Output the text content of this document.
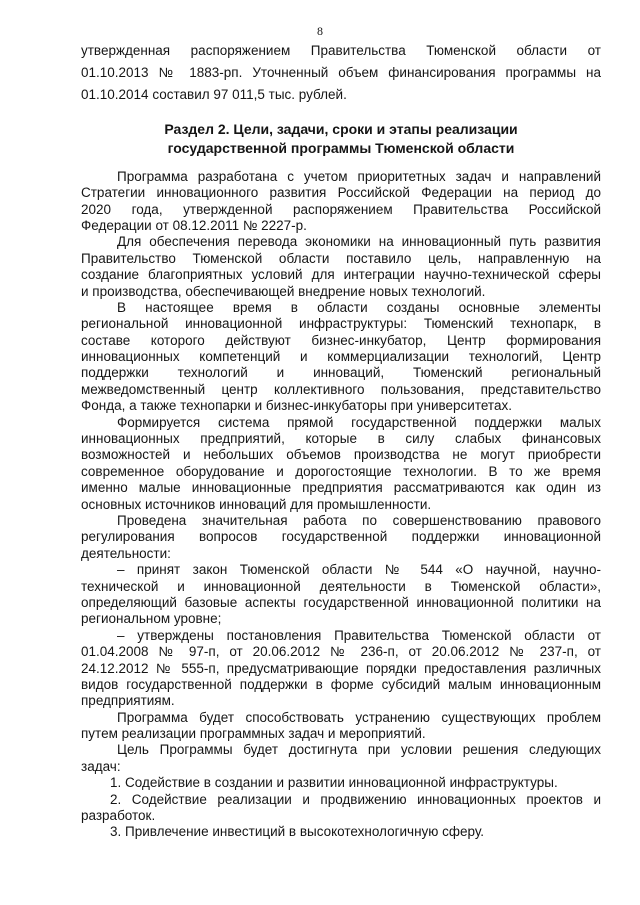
8
утвержденная распоряжением Правительства Тюменской области от
01.10.2013 № 1883-рп. Уточненный объем финансирования программы на
01.10.2014 составил 97 011,5 тыс. рублей.
Раздел 2. Цели, задачи, сроки и этапы реализации
государственной программы Тюменской области
Программа разработана с учетом приоритетных задач и направлений
Стратегии инновационного развития Российской Федерации на период до
2020 года, утвержденной распоряжением Правительства Российской
Федерации от 08.12.2011 № 2227-р.
Для обеспечения перевода экономики на инновационный путь развития
Правительство Тюменской области поставило цель, направленную на
создание благоприятных условий для интеграции научно-технической сферы
и производства, обеспечивающей внедрение новых технологий.
В настоящее время в области созданы основные элементы
региональной инновационной инфраструктуры: Тюменский технопарк, в
составе которого действуют бизнес-инкубатор, Центр формирования
инновационных компетенций и коммерциализации технологий, Центр
поддержки технологий и инноваций, Тюменский региональный
межведомственный центр коллективного пользования, представительство
Фонда, а также технопарки и бизнес-инкубаторы при университетах.
Формируется система прямой государственной поддержки малых
инновационных предприятий, которые в силу слабых финансовых
возможностей и небольших объемов производства не могут приобрести
современное оборудование и дорогостоящие технологии. В то же время
именно малые инновационные предприятия рассматриваются как один из
основных источников инноваций для промышленности.
Проведена значительная работа по совершенствованию правового
регулирования вопросов государственной поддержки инновационной
деятельности:
– принят закон Тюменской области № 544 «О научной, научно-
технической и инновационной деятельности в Тюменской области»,
определяющий базовые аспекты государственной инновационной политики на
региональном уровне;
– утверждены постановления Правительства Тюменской области от
01.04.2008 № 97-п, от 20.06.2012 № 236-п, от 20.06.2012 № 237-п, от
24.12.2012 № 555-п, предусматривающие порядки предоставления различных
видов государственной поддержки в форме субсидий малым инновационным
предприятиям.
Программа будет способствовать устранению существующих проблем
путем реализации программных задач и мероприятий.
Цель Программы будет достигнута при условии решения следующих
задач:
1. Содействие в создании и развитии инновационной инфраструктуры.
2. Содействие реализации и продвижению инновационных проектов и
разработок.
3. Привлечение инвестиций в высокотехнологичную сферу.
